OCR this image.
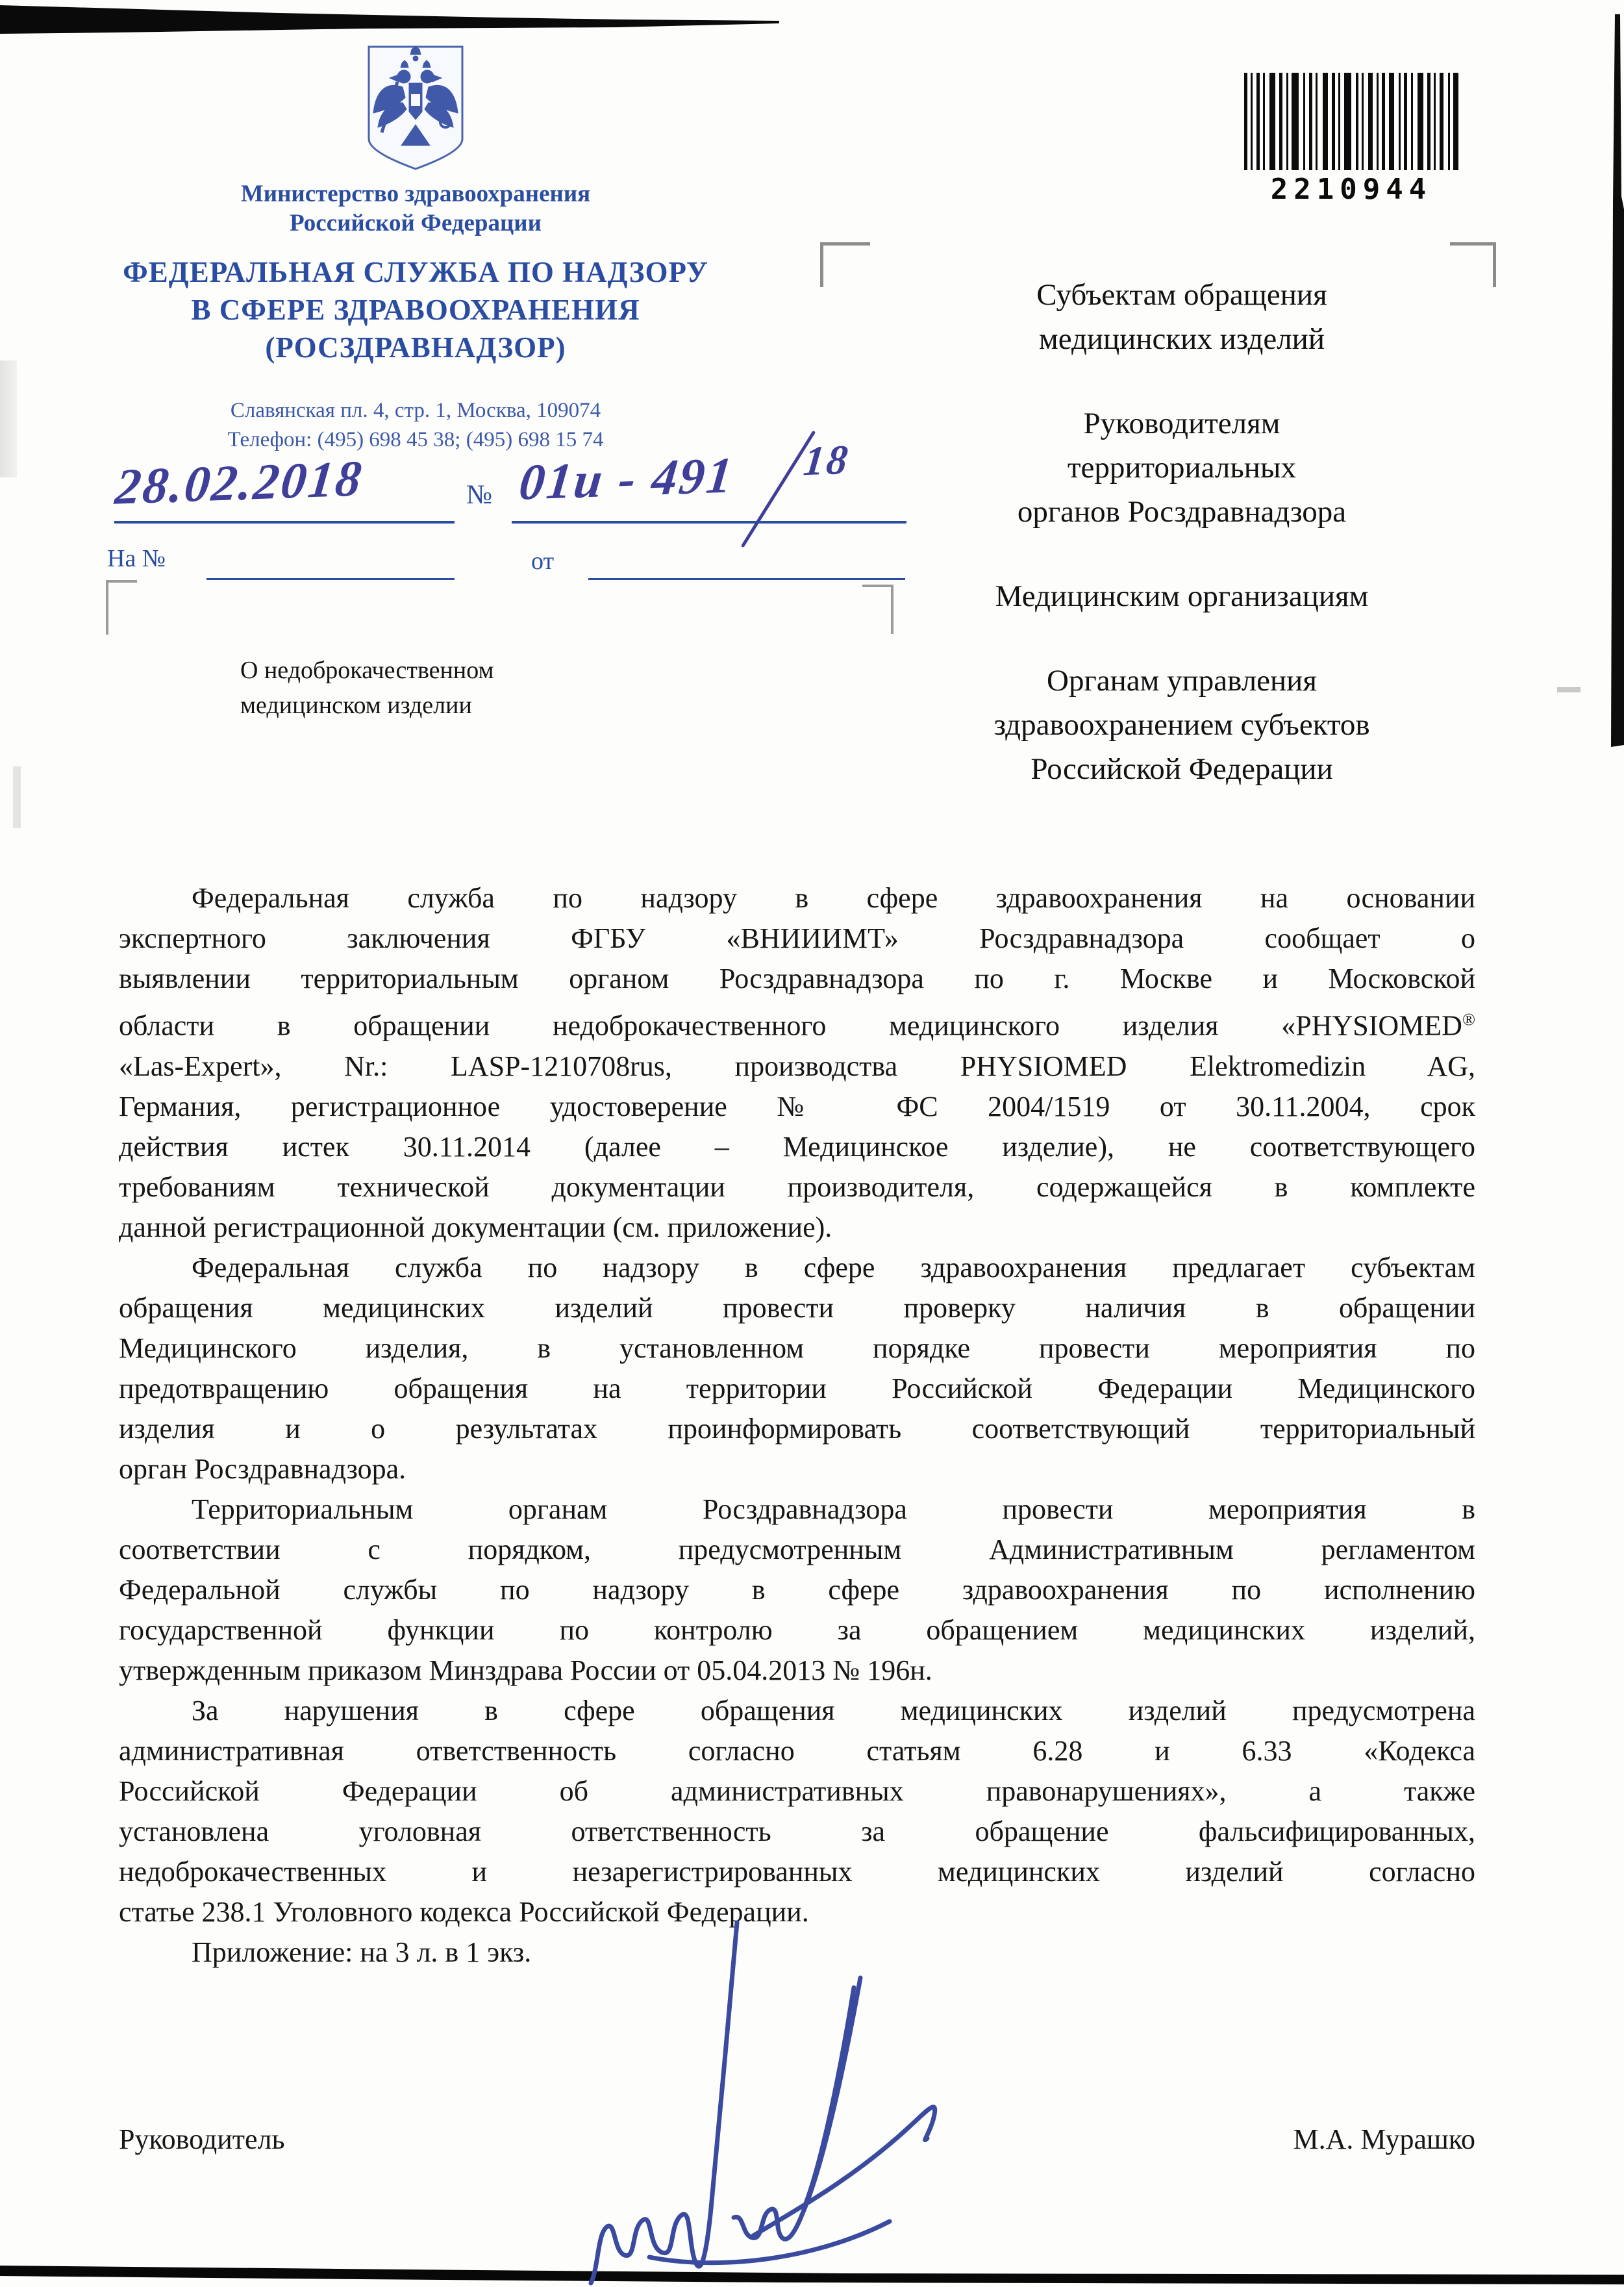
Министерство здравоохранения
Российской Федерации
ФЕДЕРАЛЬНАЯ СЛУЖБА ПО НАДЗОРУ
В СФЕРЕ ЗДРАВООХРАНЕНИЯ
(РОСЗДРАВНАДЗОР)
Славянская пл. 4, стр. 1, Москва, 109074
Телефон: (495) 698 45 38; (495) 698 15 74
2210944
28.02.2018	№ 01и - 491 18
На №	от
Субъектам обращения
медицинских изделий
Руководителям
территориальных
органов Росздравнадзора
Медицинским организациям
Органам управления
здравоохранением субъектов
Российской Федерации
О недоброкачественном
медицинском изделии
Федеральная служба по надзору в сфере здравоохранения на основании
экспертного заключения ФГБУ «ВНИИИМТ» Росздравнадзора сообщает о
выявлении территориальным органом Росздравнадзора по г. Москве и Московской
области в обращении недоброкачественного медицинского изделия «PHYSIOMED®
«Las-Expert», Nr.: LASP-1210708rus, производства PHYSIOMED Elektromedizin AG,
Германия, регистрационное удостоверение № ФС 2004/1519 от 30.11.2004, срок
действия истек 30.11.2014 (далее – Медицинское изделие), не соответствующего
требованиям технической документации производителя, содержащейся в комплекте
данной регистрационной документации (см. приложение).
Федеральная служба по надзору в сфере здравоохранения предлагает субъектам
обращения медицинских изделий провести проверку наличия в обращении
Медицинского изделия, в установленном порядке провести мероприятия по
предотвращению обращения на территории Российской Федерации Медицинского
изделия и о результатах проинформировать соответствующий территориальный
орган Росздравнадзора.
Территориальным органам Росздравнадзора провести мероприятия в
соответствии с порядком, предусмотренным Административным регламентом
Федеральной службы по надзору в сфере здравоохранения по исполнению
государственной функции по контролю за обращением медицинских изделий,
утвержденным приказом Минздрава России от 05.04.2013 № 196н.
За нарушения в сфере обращения медицинских изделий предусмотрена
административная ответственность согласно статьям 6.28 и 6.33 «Кодекса
Российской Федерации об административных правонарушениях», а также
установлена уголовная ответственность за обращение фальсифицированных,
недоброкачественных и незарегистрированных медицинских изделий согласно
статье 238.1 Уголовного кодекса Российской Федерации.
Приложение: на 3 л. в 1 экз.
Руководитель	М.А. Мурашко
